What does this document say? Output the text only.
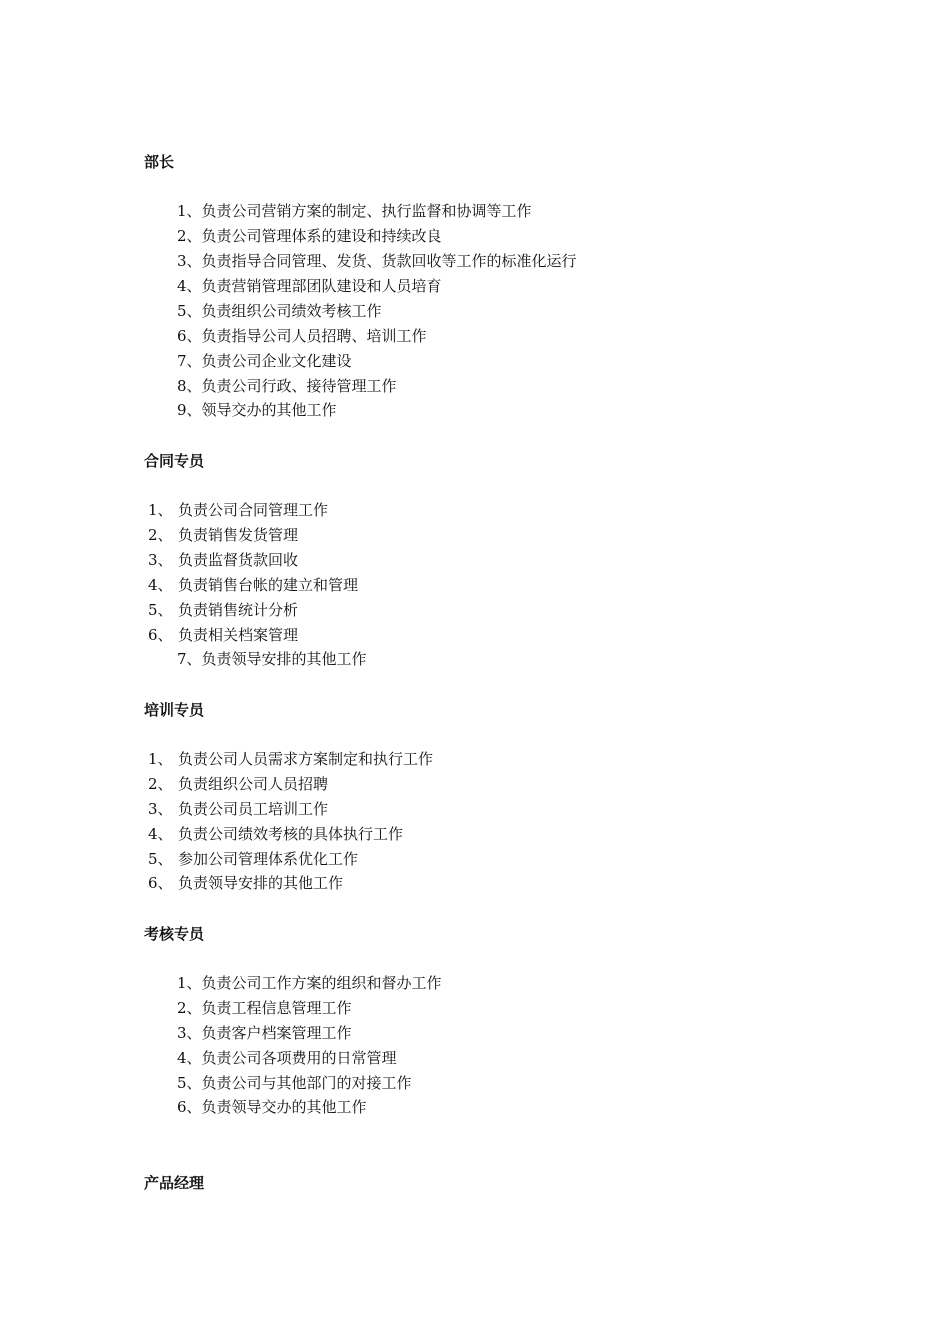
部长
1、负责公司营销方案的制定、执行监督和协调等工作
2、负责公司管理体系的建设和持续改良
3、负责指导合同管理、发货、货款回收等工作的标准化运行
4、负责营销管理部团队建设和人员培育
5、负责组织公司绩效考核工作
6、负责指导公司人员招聘、培训工作
7、负责公司企业文化建设
8、负责公司行政、接待管理工作
9、领导交办的其他工作
合同专员
1、 负责公司合同管理工作
2、 负责销售发货管理
3、 负责监督货款回收
4、 负责销售台帐的建立和管理
5、 负责销售统计分析
6、 负责相关档案管理
7、负责领导安排的其他工作
培训专员
1、 负责公司人员需求方案制定和执行工作
2、 负责组织公司人员招聘
3、 负责公司员工培训工作
4、 负责公司绩效考核的具体执行工作
5、 参加公司管理体系优化工作
6、 负责领导安排的其他工作
考核专员
1、负责公司工作方案的组织和督办工作
2、负责工程信息管理工作
3、负责客户档案管理工作
4、负责公司各项费用的日常管理
5、负责公司与其他部门的对接工作
6、负责领导交办的其他工作
产品经理
